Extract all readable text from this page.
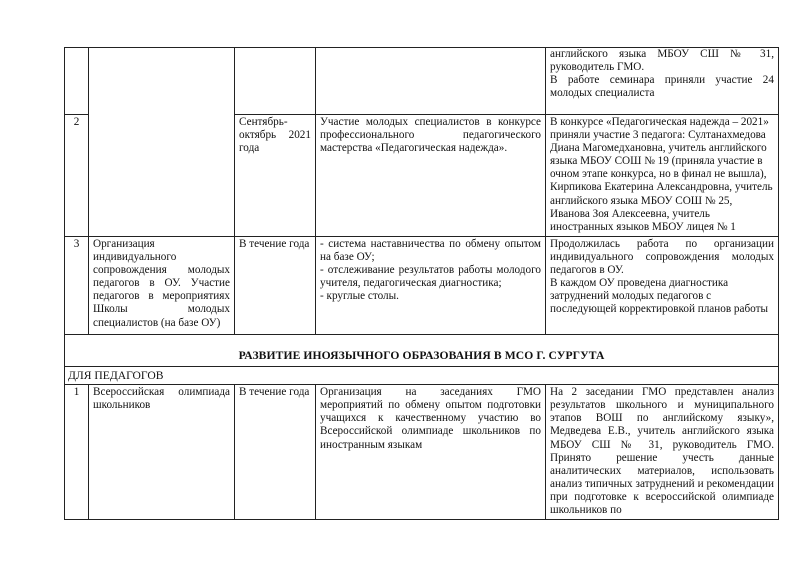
				английского языка МБОУ СШ № 31, руководитель ГМО.
В работе семинара приняли участие 24 молодых специалиста

2		Сентябрь-октябрь 2021 года	Участие молодых специалистов в конкурсе профессионального педагогического мастерства «Педагогическая надежда».	В конкурсе «Педагогическая надежда – 2021» приняли участие 3 педагога: Султанахмедова Диана Магомедхановна, учитель английского языка МБОУ СОШ № 19 (приняла участие в очном этапе конкурса, но в финал не вышла), Кирпикова Екатерина Александровна, учитель английского языка МБОУ СОШ № 25, Иванова Зоя Алексеевна, учитель иностранных языков МБОУ лицея № 1
3	Организация индивидуального сопровождения молодых педагогов в ОУ. Участие педагогов в мероприятиях Школы молодых специалистов (на базе ОУ)	В течение года	- система наставничества по обмену опытом на базе ОУ;
- отслеживание результатов работы молодого учителя, педагогическая диагностика;
- круглые столы.	Продолжилась работа по организации индивидуального сопровождения молодых педагогов в ОУ.
В каждом ОУ проведена диагностика затруднений молодых педагогов с последующей корректировкой планов работы

РАЗВИТИЕ ИНОЯЗЫЧНОГО ОБРАЗОВАНИЯ В МСО Г. СУРГУТА				
ДЛЯ ПЕДАГОГОВ				
1	Всероссийская олимпиада школьников	В течение года	Организация на заседаниях ГМО мероприятий по обмену опытом подготовки учащихся к качественному участию во Всероссийской олимпиаде школьников по иностранным языкам	На 2 заседании ГМО представлен анализ результатов школьного и муниципального этапов ВОШ по английскому языку», Медведева Е.В., учитель английского языка МБОУ СШ № 31, руководитель ГМО. Принято решение учесть данные аналитических материалов, использовать анализ типичных затруднений и рекомендации при подготовке к всероссийской олимпиаде школьников по
